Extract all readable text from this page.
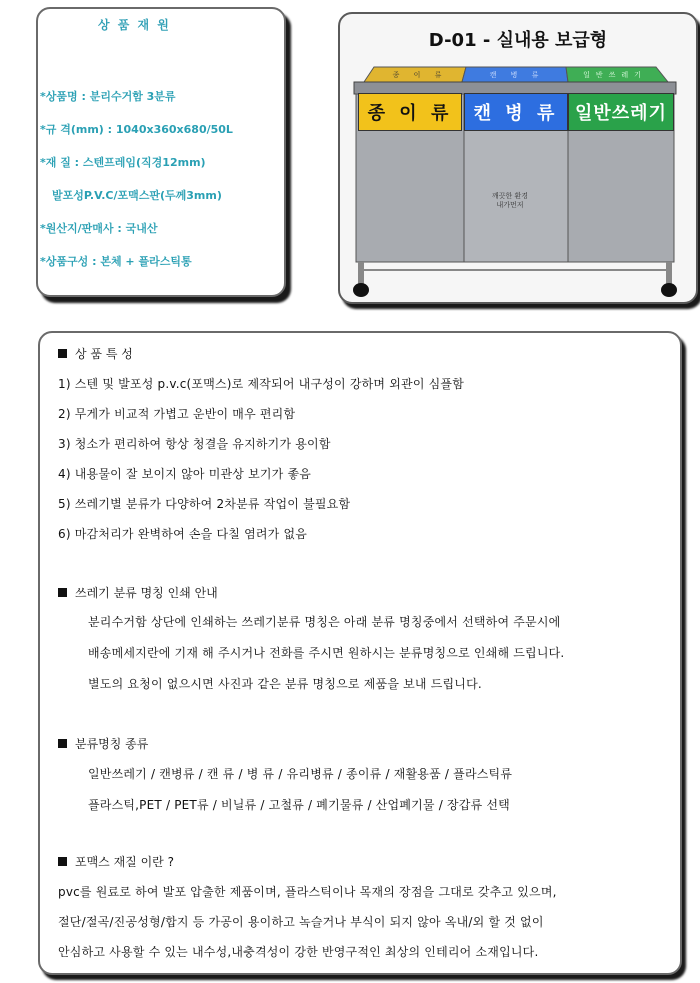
상 품 재 원
*상품명 : 분리수거함 3분류
*규 격(mm) : 1040x360x680/50L
*재 질 : 스텐프레임(직경12mm)
발포성P.V.C/포맥스판(두께3mm)
*원산지/판매사 : 국내산
*상품구성 : 본체 + 플라스틱통
D-01 - 실내용 보급형
종 이 류	캔 병 류	일반쓰레기
종 이 류	캔 병 류 일반쓰레기
깨끗한 환경
내가먼저
상 품 특 성
1) 스텐 및 발포성 p.v.c(포맥스)로 제작되어 내구성이 강하며 외관이 심플함
2) 무게가 비교적 가볍고 운반이 매우 편리함
3) 청소가 편리하여 항상 청결을 유지하기가 용이함
4) 내용물이 잘 보이지 않아 미관상 보기가 좋음
5) 쓰레기별 분류가 다양하여 2차분류 작업이 불필요함
6) 마감처리가 완벽하여 손을 다칠 염려가 없음
쓰레기 분류 명칭 인쇄 안내
분리수거함 상단에 인쇄하는 쓰레기분류 명칭은 아래 분류 명칭중에서 선택하여 주문시에
배송메세지란에 기재 해 주시거나 전화를 주시면 원하시는 분류명칭으로 인쇄해 드립니다.
별도의 요청이 없으시면 사진과 같은 분류 명칭으로 제품을 보내 드립니다.
분류명칭 종류
일반쓰레기 / 캔병류 / 캔 류 / 병 류 / 유리병류 / 종이류 / 재활용품 / 플라스틱류
플라스틱,PET / PET류 / 비닐류 / 고철류 / 폐기물류 / 산업폐기물 / 장갑류 선택
포맥스 재질 이란 ?
pvc를 원료로 하여 발포 압출한 제품이며, 플라스틱이나 목재의 장점을 그대로 갖추고 있으며,
절단/절곡/진공성형/합지 등 가공이 용이하고 녹슬거나 부식이 되지 않아 옥내/외 할 것 없이
안심하고 사용할 수 있는 내수성,내충격성이 강한 반영구적인 최상의 인테리어 소재입니다.
